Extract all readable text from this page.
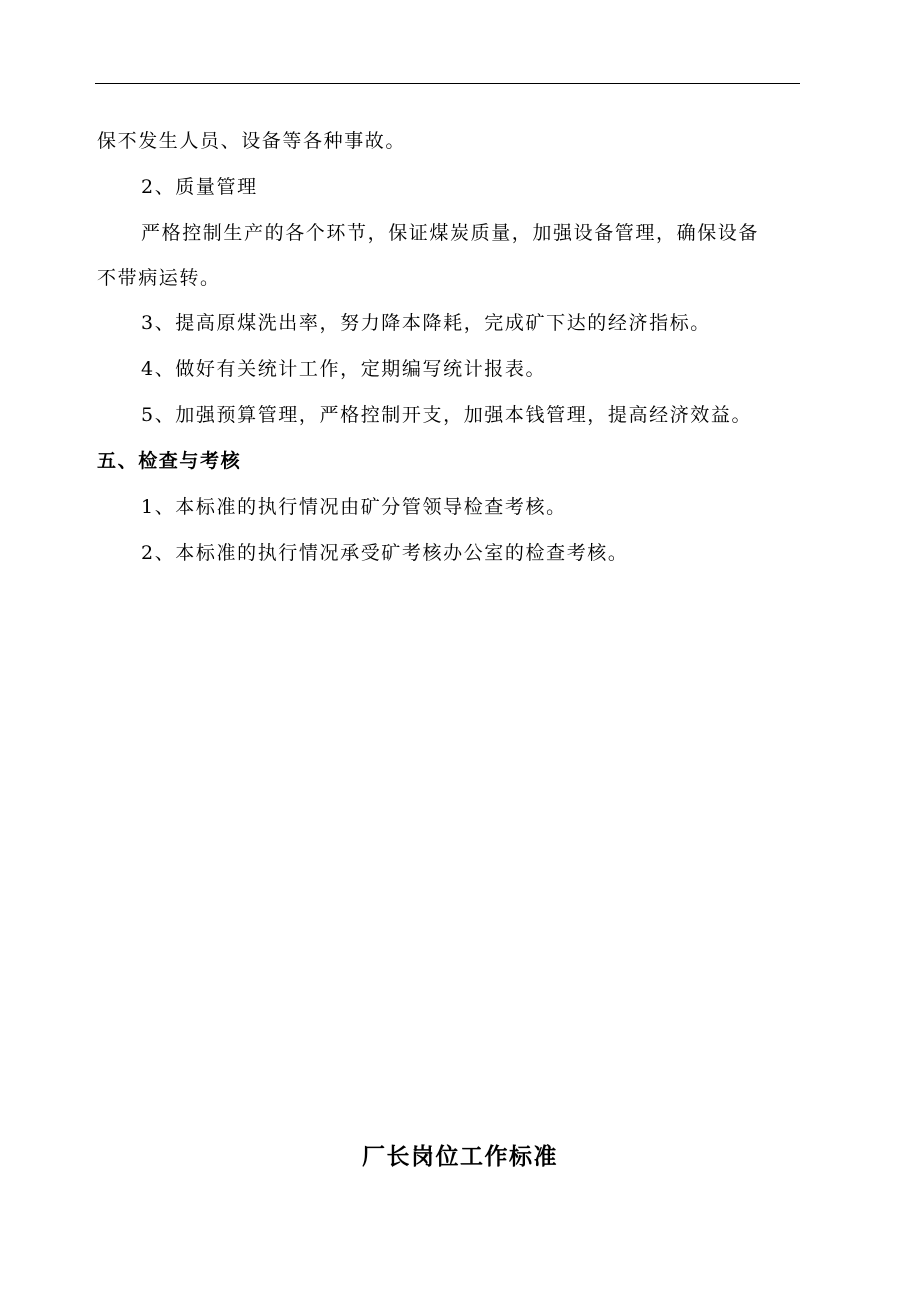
保不发生人员、设备等各种事故。
2、质量管理
严格控制生产的各个环节，保证煤炭质量，加强设备管理，确保设备
不带病运转。
3、提高原煤洗出率，努力降本降耗，完成矿下达的经济指标。
4、做好有关统计工作，定期编写统计报表。
5、加强预算管理，严格控制开支，加强本钱管理，提高经济效益。
五、检查与考核
1、本标准的执行情况由矿分管领导检查考核。
2、本标准的执行情况承受矿考核办公室的检查考核。
厂长岗位工作标准
